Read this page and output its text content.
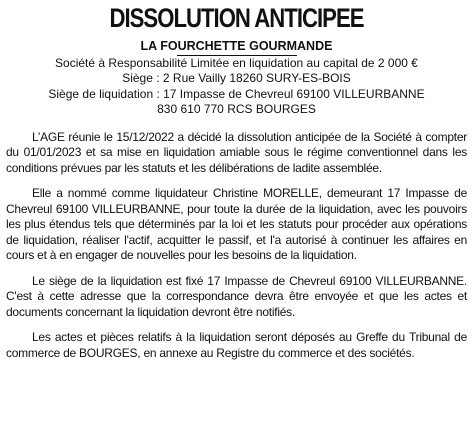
DISSOLUTION ANTICIPEE
LA FOURCHETTE GOURMANDE
Société à Responsabilité Limitée en liquidation au capital de 2 000 €
Siège : 2 Rue Vailly 18260 SURY-ES-BOIS
Siège de liquidation : 17 Impasse de Chevreul 69100 VILLEURBANNE
830 610 770 RCS BOURGES

L’AGE réunie le 15/12/2022 a décidé la dissolution anticipée de la Société à compter du 01/01/2023 et sa mise en liquidation amiable sous le régime conventionnel dans les conditions prévues par les statuts et les délibérations de ladite assemblée.

Elle a nommé comme liquidateur Christine MORELLE, demeurant 17 Impasse de Chevreul 69100 VILLEURBANNE, pour toute la durée de la liquidation, avec les pouvoirs les plus étendus tels que déterminés par la loi et les statuts pour procéder aux opérations de liquidation, réaliser l'actif, acquitter le passif, et l'a autorisé à continuer les affaires en cours et à en engager de nouvelles pour les besoins de la liquidation.

Le siège de la liquidation est fixé 17 Impasse de Chevreul 69100 VILLEURBANNE. C'est à cette adresse que la correspondance devra être envoyée et que les actes et documents concernant la liquidation devront être notifiés.

Les actes et pièces relatifs à la liquidation seront déposés au Greffe du Tribunal de commerce de BOURGES, en annexe au Registre du commerce et des sociétés.
